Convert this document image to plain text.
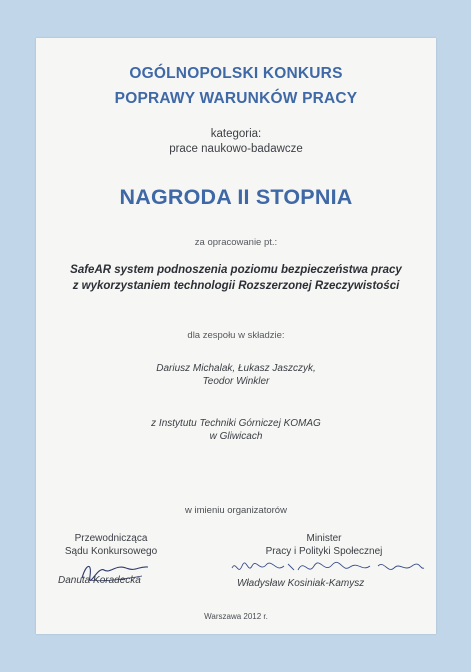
OGÓLNOPOLSKI KONKURS
POPRAWY WARUNKÓW PRACY
kategoria:
prace naukowo-badawcze
NAGRODA II STOPNIA
za opracowanie pt.:
SafeAR system podnoszenia poziomu bezpieczeństwa pracy
z wykorzystaniem technologii Rozszerzonej Rzeczywistości
dla zespołu w składzie:
Dariusz Michalak, Łukasz Jaszczyk,
Teodor Winkler
z Instytutu Techniki Górniczej KOMAG
w Gliwicach
w imieniu organizatorów
Przewodnicząca
Sądu Konkursowego
Danuta Koradecka
Minister
Pracy i Polityki Społecznej
Władysław Kosiniak-Kamysz
Warszawa 2012 r.
